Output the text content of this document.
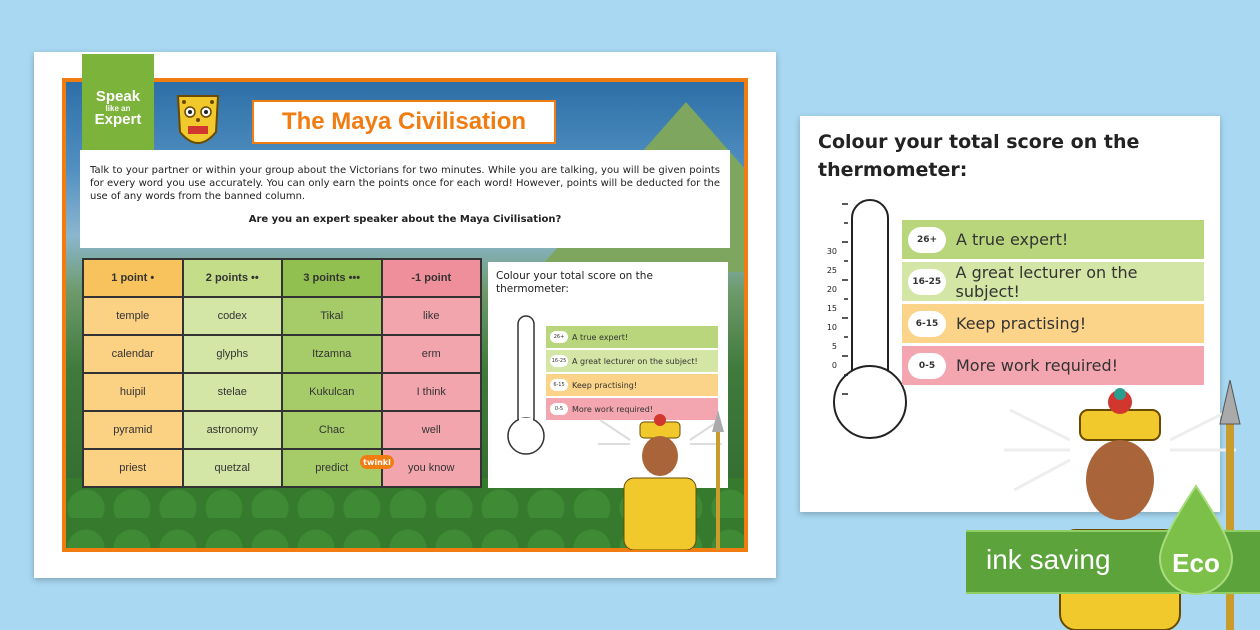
Speak
like an
Expert	The Maya Civilisation

Talk to your partner or within your group about the Victorians for two minutes. While you are talking, you will be given points for every word you use accurately. You can only earn the points once for each word! However, points will be deducted for the use of any words from the banned column.

Are you an expert speaker about the Maya Civilisation?

1 point •	2 points ••	3 points •••	-1 point
temple	codex	Tikal	like
calendar	glyphs	Itzamna	erm
huipil	stelae	Kukulcan	I think
pyramid	astronomy	Chac	well
priest	quetzal	predict	you know

Colour your total score on the thermometer:

26+ A true expert!
16-25 A great lecturer on the subject!
6-15 Keep practising!
0-5	More work required!
twinkl

Colour your total score on the thermometer:

30
25
20
15
10
5
0
26+	A true expert!
16-25 A great lecturer on the subject!
6-15	Keep practising!
0-5	More work required!
ink saving Eco
